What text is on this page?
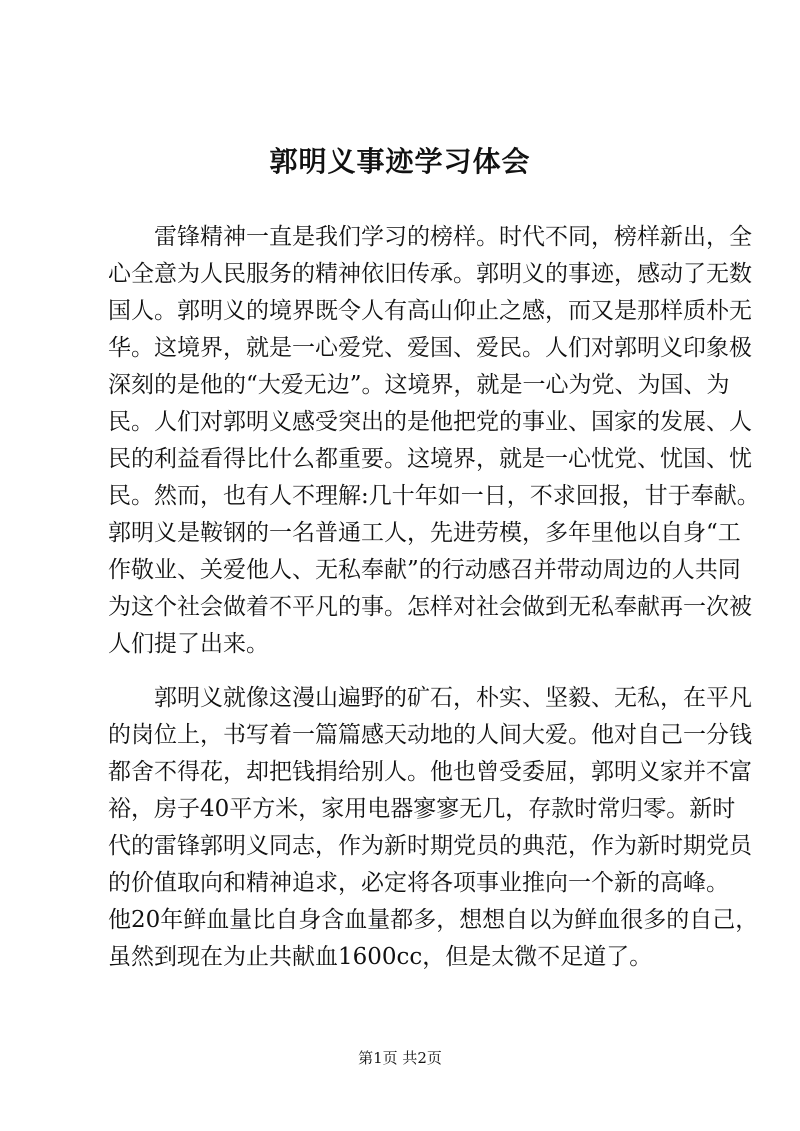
郭明义事迹学习体会
雷锋精神一直是我们学习的榜样。时代不同，榜样新出，全
心全意为人民服务的精神依旧传承。郭明义的事迹，感动了无数
国人。郭明义的境界既令人有高山仰止之感，而又是那样质朴无
华。这境界，就是一心爱党、爱国、爱民。人们对郭明义印象极
深刻的是他的“大爱无边”。这境界，就是一心为党、为国、为
民。人们对郭明义感受突出的是他把党的事业、国家的发展、人
民的利益看得比什么都重要。这境界，就是一心忧党、忧国、忧
民。然而，也有人不理解:几十年如一日，不求回报，甘于奉献。
郭明义是鞍钢的一名普通工人，先进劳模，多年里他以自身“工
作敬业、关爱他人、无私奉献”的行动感召并带动周边的人共同
为这个社会做着不平凡的事。怎样对社会做到无私奉献再一次被
人们提了出来。
郭明义就像这漫山遍野的矿石，朴实、坚毅、无私，在平凡
的岗位上，书写着一篇篇感天动地的人间大爱。他对自己一分钱
都舍不得花，却把钱捐给别人。他也曾受委屈，郭明义家并不富
裕，房子40平方米，家用电器寥寥无几，存款时常归零。新时
代的雷锋郭明义同志，作为新时期党员的典范，作为新时期党员
的价值取向和精神追求，必定将各项事业推向一个新的高峰。
他20年鲜血量比自身含血量都多，想想自以为鲜血很多的自己，
虽然到现在为止共献血1600cc，但是太微不足道了。
第1页 共2页
